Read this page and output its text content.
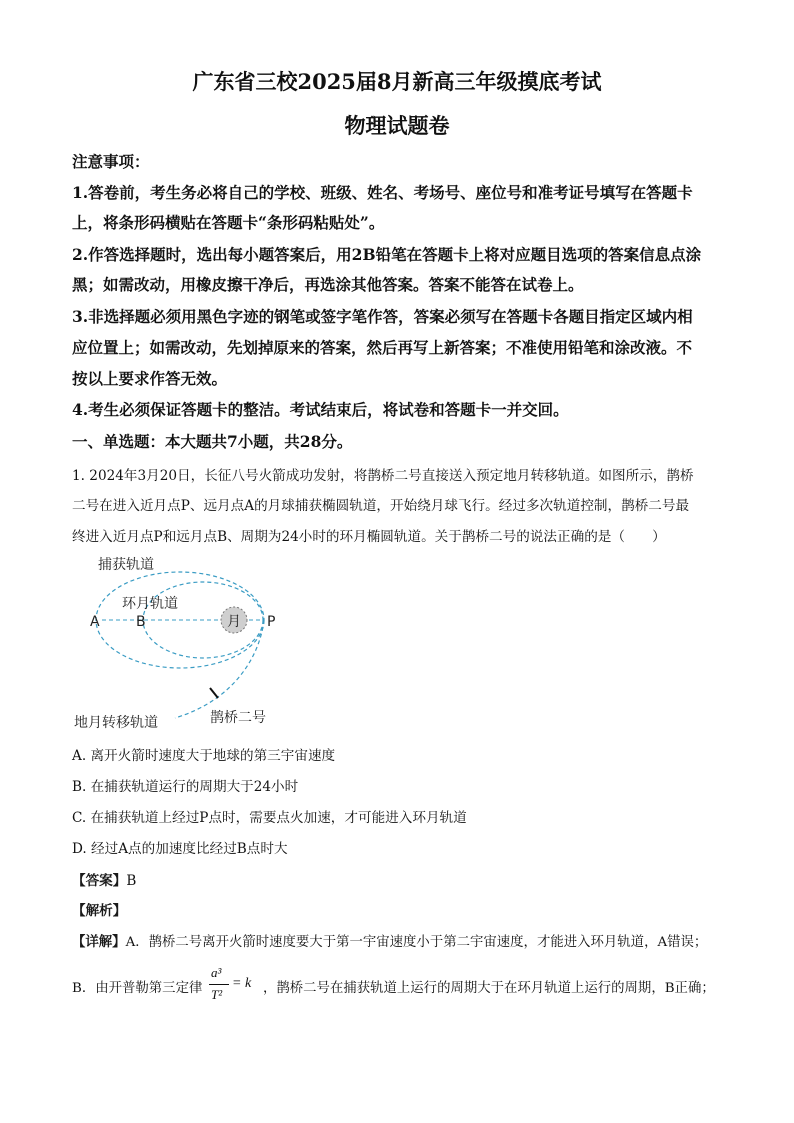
广东省三校2025届8月新高三年级摸底考试
物理试题卷
注意事项：
1.答卷前，考生务必将自己的学校、班级、姓名、考场号、座位号和准考证号填写在答题卡
上，将条形码横贴在答题卡“条形码粘贴处”。
2.作答选择题时，选出每小题答案后，用2B铅笔在答题卡上将对应题目选项的答案信息点涂
黑；如需改动，用橡皮擦干净后，再选涂其他答案。答案不能答在试卷上。
3.非选择题必须用黑色字迹的钢笔或签字笔作答，答案必须写在答题卡各题目指定区域内相
应位置上；如需改动，先划掉原来的答案，然后再写上新答案；不准使用铅笔和涂改液。不
按以上要求作答无效。
4.考生必须保证答题卡的整洁。考试结束后，将试卷和答题卡一并交回。
一、单选题：本大题共7小题，共28分。
1. 2024年3月20日，长征八号火箭成功发射，将鹊桥二号直接送入预定地月转移轨道。如图所示，鹊桥
二号在进入近月点P、远月点A的月球捕获椭圆轨道，开始绕月球飞行。经过多次轨道控制，鹊桥二号最
终进入近月点P和远月点B、周期为24小时的环月椭圆轨道。关于鹊桥二号的说法正确的是（　　）
月
捕获轨道
环月轨道
A	B	P
地月转移轨道	鹊桥二号
A. 离开火箭时速度大于地球的第三宇宙速度
B. 在捕获轨道运行的周期大于24小时
C. 在捕获轨道上经过P点时，需要点火加速，才可能进入环月轨道
D. 经过A点的加速度比经过B点时大
【答案】B
【解析】
【详解】A．鹊桥二号离开火箭时速度要大于第一宇宙速度小于第二宇宙速度，才能进入环月轨道，A错误；
B．由开普勒第三定律
a³
T²
= k ，鹊桥二号在捕获轨道上运行的周期大于在环月轨道上运行的周期，B正确；
